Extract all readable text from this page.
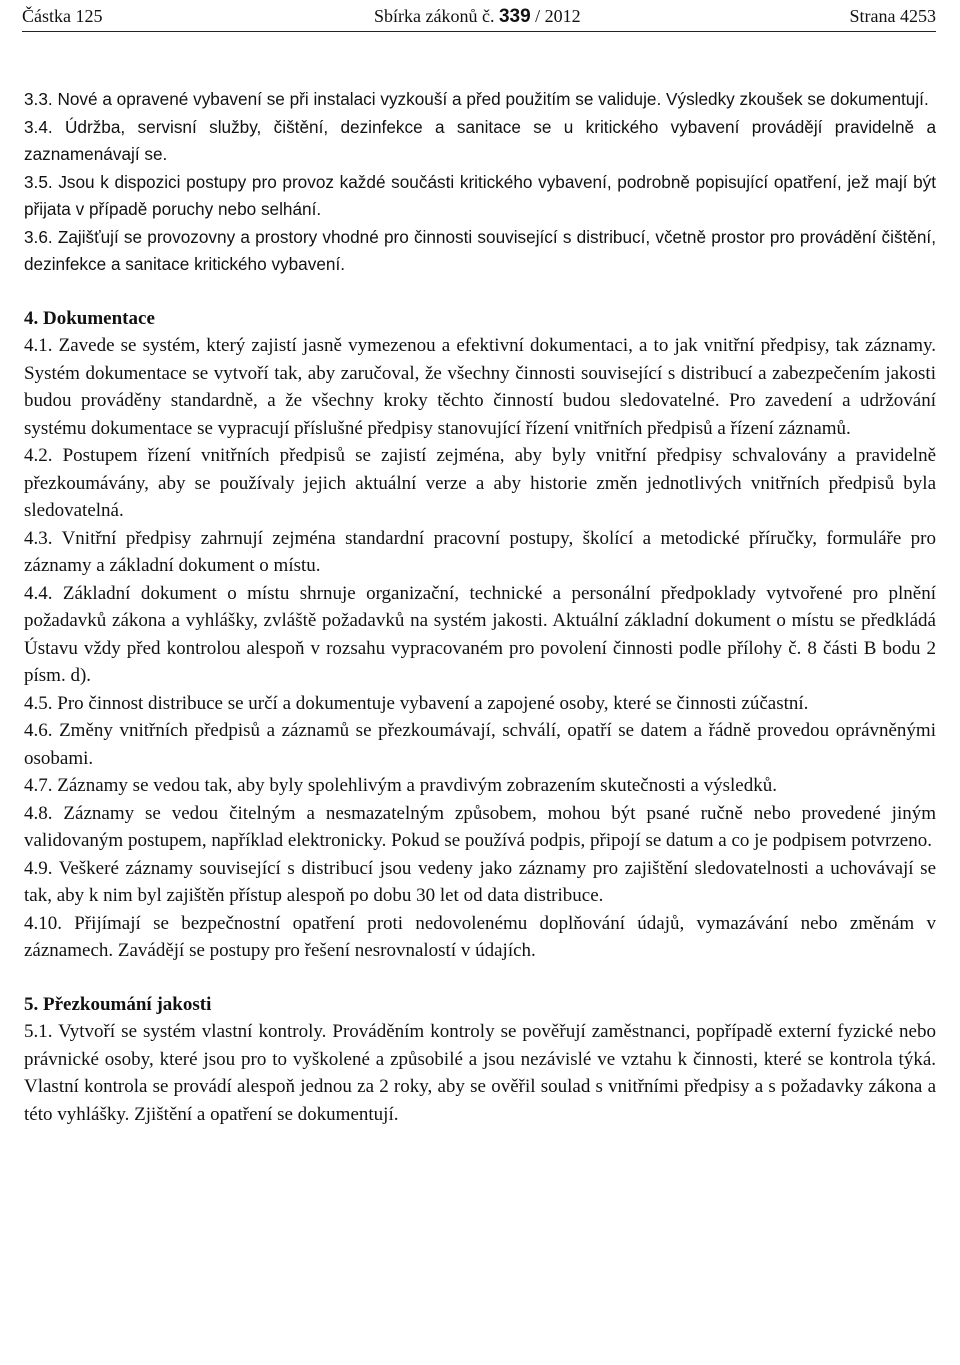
Částka 125	Sbírka zákonů č. 339 / 2012	Strana 4253

3.3. Nové a opravené vybavení se při instalaci vyzkouší a před použitím se validuje. Výsledky zkoušek se dokumentují.

3.4. Údržba, servisní služby, čištění, dezinfekce a sanitace se u kritického vybavení provádějí pravidelně a zaznamenávají se.

3.5. Jsou k dispozici postupy pro provoz každé součásti kritického vybavení, podrobně popisující opatření, jež mají být přijata v případě poruchy nebo selhání.

3.6. Zajišťují se provozovny a prostory vhodné pro činnosti související s distribucí, včetně prostor pro provádění čištění, dezinfekce a sanitace kritického vybavení.

4. Dokumentace

4.1. Zavede se systém, který zajistí jasně vymezenou a efektivní dokumentaci, a to jak vnitřní předpisy, tak záznamy. Systém dokumentace se vytvoří tak, aby zaručoval, že všechny činnosti související s distribucí a zabezpečením jakosti budou prováděny standardně, a že všechny kroky těchto činností budou sledovatelné. Pro zavedení a udržování systému dokumentace se vypracují příslušné předpisy stanovující řízení vnitřních předpisů a řízení záznamů.

4.2. Postupem řízení vnitřních předpisů se zajistí zejména, aby byly vnitřní předpisy schvalovány a pravidelně přezkoumávány, aby se používaly jejich aktuální verze a aby historie změn jednotlivých vnitřních předpisů byla sledovatelná.

4.3. Vnitřní předpisy zahrnují zejména standardní pracovní postupy, školící a metodické příručky, formuláře pro záznamy a základní dokument o místu.

4.4. Základní dokument o místu shrnuje organizační, technické a personální předpoklady vytvořené pro plnění požadavků zákona a vyhlášky, zvláště požadavků na systém jakosti. Aktuální základní dokument o místu se předkládá Ústavu vždy před kontrolou alespoň v rozsahu vypracovaném pro povolení činnosti podle přílohy č. 8 části B bodu 2 písm. d).

4.5. Pro činnost distribuce se určí a dokumentuje vybavení a zapojené osoby, které se činnosti zúčastní.

4.6. Změny vnitřních předpisů a záznamů se přezkoumávají, schválí, opatří se datem a řádně provedou oprávněnými osobami.

4.7. Záznamy se vedou tak, aby byly spolehlivým a pravdivým zobrazením skutečnosti a výsledků.

4.8. Záznamy se vedou čitelným a nesmazatelným způsobem, mohou být psané ručně nebo provedené jiným validovaným postupem, například elektronicky. Pokud se používá podpis, připojí se datum a co je podpisem potvrzeno.

4.9. Veškeré záznamy související s distribucí jsou vedeny jako záznamy pro zajištění sledovatelnosti a uchovávají se tak, aby k nim byl zajištěn přístup alespoň po dobu 30 let od data distribuce.

4.10. Přijímají se bezpečnostní opatření proti nedovolenému doplňování údajů, vymazávání nebo změnám v záznamech. Zavádějí se postupy pro řešení nesrovnalostí v údajích.

5. Přezkoumání jakosti

5.1. Vytvoří se systém vlastní kontroly. Prováděním kontroly se pověřují zaměstnanci, popřípadě externí fyzické nebo právnické osoby, které jsou pro to vyškolené a způsobilé a jsou nezávislé ve vztahu k činnosti, které se kontrola týká. Vlastní kontrola se provádí alespoň jednou za 2 roky, aby se ověřil soulad s vnitřními předpisy a s požadavky zákona a této vyhlášky. Zjištění a opatření se dokumentují.
